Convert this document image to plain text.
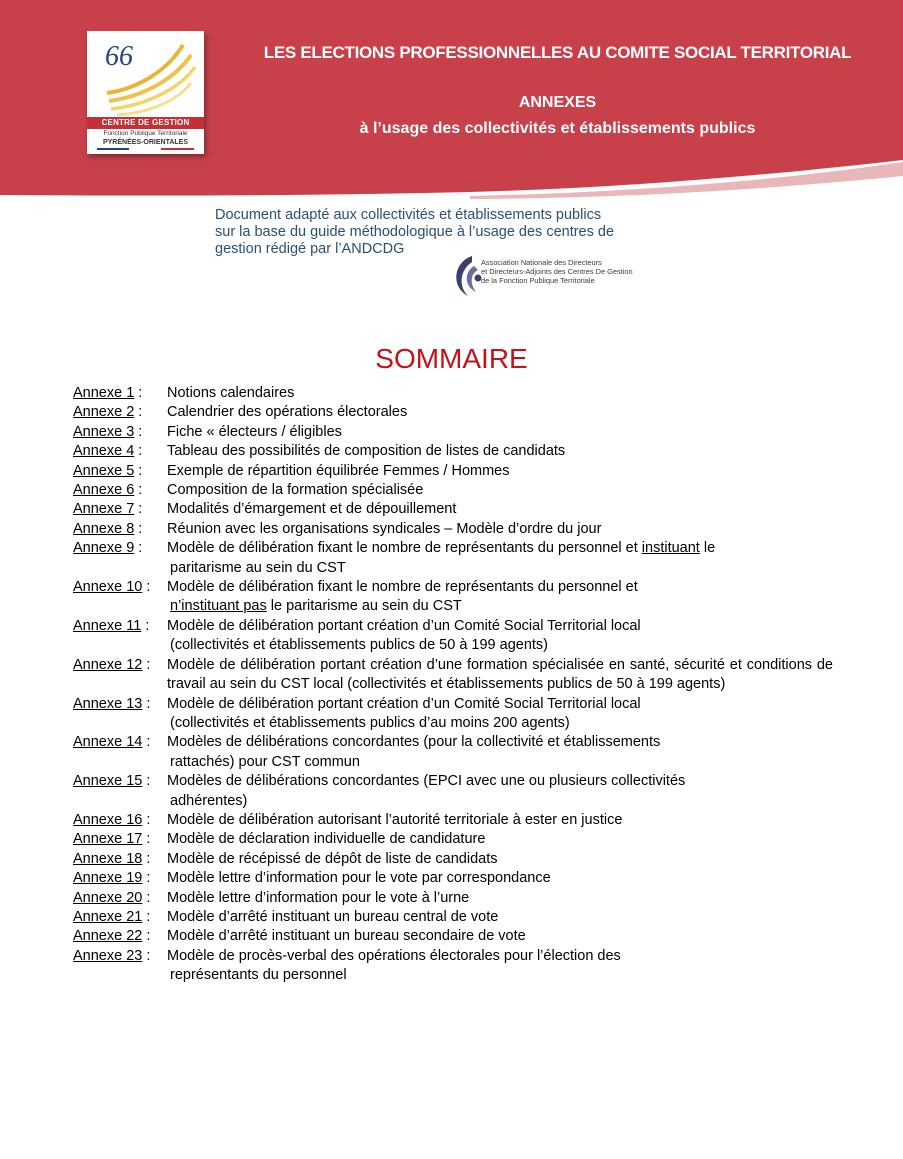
66
CENTRE DE GESTION
Fonction Publique Territoriale
PYRÉNÉES-ORIENTALES
LES ELECTIONS PROFESSIONNELLES AU COMITE SOCIAL TERRITORIAL
ANNEXES
à l’usage des collectivités et établissements publics
Document adapté aux collectivités et établissements publics
sur la base du guide méthodologique à l’usage des centres de
gestion rédigé par l’ANDCDG
Association Nationale des Directeurs
et Directeurs-Adjoints des Centres De Gestion
de la Fonction Publique Territoriale
SOMMAIRE
Annexe 1 :	Notions calendaires
Annexe 2 :	Calendrier des opérations électorales
Annexe 3 :	Fiche « électeurs / éligibles
Annexe 4 :	Tableau des possibilités de composition de listes de candidats
Annexe 5 :	Exemple de répartition équilibrée Femmes / Hommes
Annexe 6 :	Composition de la formation spécialisée
Annexe 7 :	Modalités d’émargement et de dépouillement
Annexe 8 :	Réunion avec les organisations syndicales – Modèle d’ordre du jour
Annexe 9 :	Modèle de délibération fixant le nombre de représentants du personnel et instituant le
paritarisme au sein du CST
Annexe 10 :	Modèle de délibération fixant le nombre de représentants du personnel et
n’instituant pas le paritarisme au sein du CST
Annexe 11 :	Modèle de délibération portant création d’un Comité Social Territorial local
(collectivités et établissements publics de 50 à 199 agents)
Annexe 12 :	Modèle de délibération portant création d’une formation spécialisée en santé, sécurité et conditions de travail au sein du CST local (collectivités et établissements publics de 50 à 199 agents)
Annexe 13 :	Modèle de délibération portant création d’un Comité Social Territorial local
(collectivités et établissements publics d’au moins 200 agents)
Annexe 14 :	Modèles de délibérations concordantes (pour la collectivité et établissements
rattachés) pour CST commun
Annexe 15 :	Modèles de délibérations concordantes (EPCI avec une ou plusieurs collectivités
adhérentes)
Annexe 16 :	Modèle de délibération autorisant l’autorité territoriale à ester en justice
Annexe 17 :	Modèle de déclaration individuelle de candidature
Annexe 18 :	Modèle de récépissé de dépôt de liste de candidats
Annexe 19 :	Modèle lettre d’information pour le vote par correspondance
Annexe 20 :	Modèle lettre d’information pour le vote à l’urne
Annexe 21 :	Modèle d’arrêté instituant un bureau central de vote
Annexe 22 :	Modèle d’arrêté instituant un bureau secondaire de vote
Annexe 23 :	Modèle de procès-verbal des opérations électorales pour l’élection des
représentants du personnel
